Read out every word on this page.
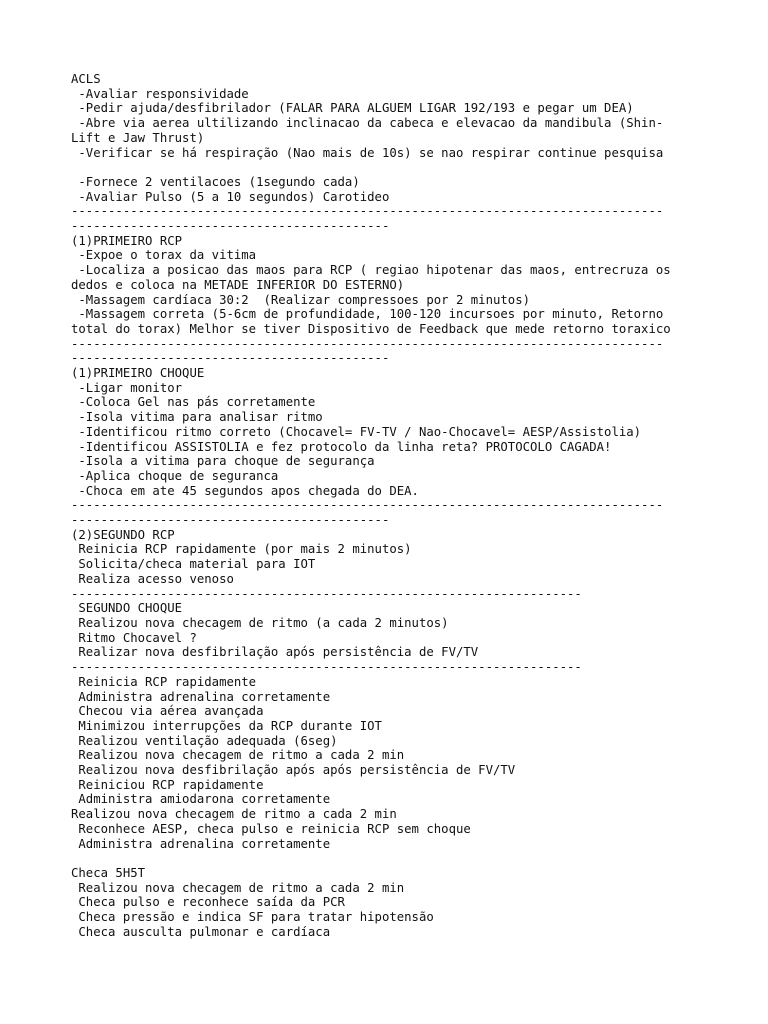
ACLS
-Avaliar responsividade
-Pedir ajuda/desfibrilador (FALAR PARA ALGUEM LIGAR 192/193 e pegar um DEA)
-Abre via aerea ultilizando inclinacao da cabeca e elevacao da mandibula (Shin-
Lift e Jaw Thrust)
-Verificar se há respiração (Nao mais de 10s) se nao respirar continue pesquisa
-Fornece 2 ventilacoes (1segundo cada)
-Avaliar Pulso (5 a 10 segundos) Carotideo
--------------------------------------------------------------------------------
-------------------------------------------
(1)PRIMEIRO RCP
-Expoe o torax da vitima
-Localiza a posicao das maos para RCP ( regiao hipotenar das maos, entrecruza os
dedos e coloca na METADE INFERIOR DO ESTERNO)
-Massagem cardíaca 30:2  (Realizar compressoes por 2 minutos)
-Massagem correta (5-6cm de profundidade, 100-120 incursoes por minuto, Retorno
total do torax) Melhor se tiver Dispositivo de Feedback que mede retorno toraxico
--------------------------------------------------------------------------------
-------------------------------------------
(1)PRIMEIRO CHOQUE
-Ligar monitor
-Coloca Gel nas pás corretamente
-Isola vitima para analisar ritmo
-Identificou ritmo correto (Chocavel= FV-TV / Nao-Chocavel= AESP/Assistolia)
-Identificou ASSISTOLIA e fez protocolo da linha reta? PROTOCOLO CAGADA!
-Isola a vitima para choque de segurança
-Aplica choque de seguranca
-Choca em ate 45 segundos apos chegada do DEA.
--------------------------------------------------------------------------------
-------------------------------------------
(2)SEGUNDO RCP
Reinicia RCP rapidamente (por mais 2 minutos)
Solicita/checa material para IOT
Realiza acesso venoso
---------------------------------------------------------------------
SEGUNDO CHOQUE
Realizou nova checagem de ritmo (a cada 2 minutos)
Ritmo Chocavel ?
Realizar nova desfibrilação após persistência de FV/TV
---------------------------------------------------------------------
Reinicia RCP rapidamente
Administra adrenalina corretamente
Checou via aérea avançada
Minimizou interrupções da RCP durante IOT
Realizou ventilação adequada (6seg)
Realizou nova checagem de ritmo a cada 2 min
Realizou nova desfibrilação após após persistência de FV/TV
Reiniciou RCP rapidamente
Administra amiodarona corretamente
Realizou nova checagem de ritmo a cada 2 min
Reconhece AESP, checa pulso e reinicia RCP sem choque
Administra adrenalina corretamente
Checa 5H5T
Realizou nova checagem de ritmo a cada 2 min
Checa pulso e reconhece saída da PCR
Checa pressão e indica SF para tratar hipotensão
Checa ausculta pulmonar e cardíaca
